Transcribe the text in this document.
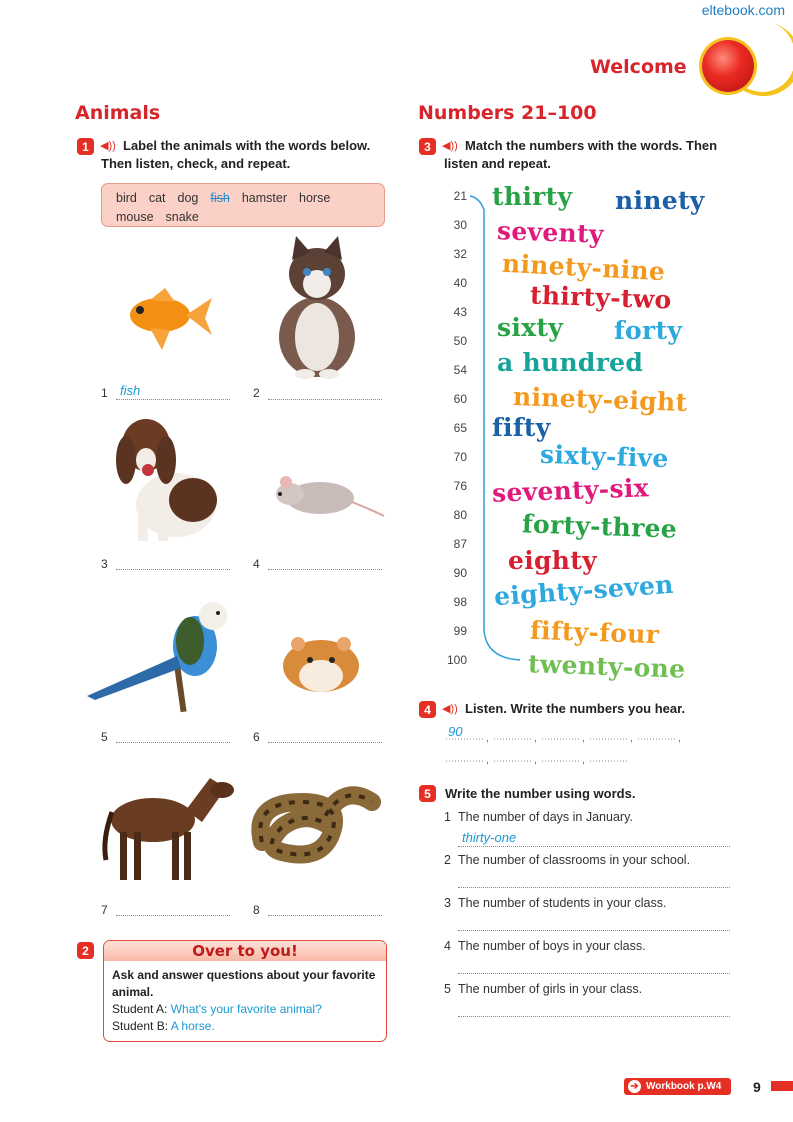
eltebook.com
Welcome
Animals
1	◀)) Label the animals with the words below.
Then listen, check, and repeat.
bird cat dog fish hamster horse
mouse snake
1 fish	2
3	4
5	6
7	8
2	Over to you!
Ask and answer questions about your favorite
animal.
Student A: What's your favorite animal?
Student B: A horse.
Numbers 21–100
3	◀)) Match the numbers with the words. Then
listen and repeat.
21
30
32
40
43
50
54
60
65
70
76
80
87
90
98
99
100
thirty ninety
seventy
ninety-nine
thirty-two
sixty forty
a hundred
ninety-eight
fifty
sixty-five
seventy-six
forty-three
eighty
eighty-seven
fifty-four
twenty-one
4	◀)) Listen. Write the numbers you hear.
90 ,	,	,	,	,
,	,	,
5	Write the number using words.
1 The number of days in January.
thirty-one
2 The number of classrooms in your school.
3 The number of students in your class.
4 The number of boys in your class.
5 The number of girls in your class.
➔ Workbook p.W4 9
